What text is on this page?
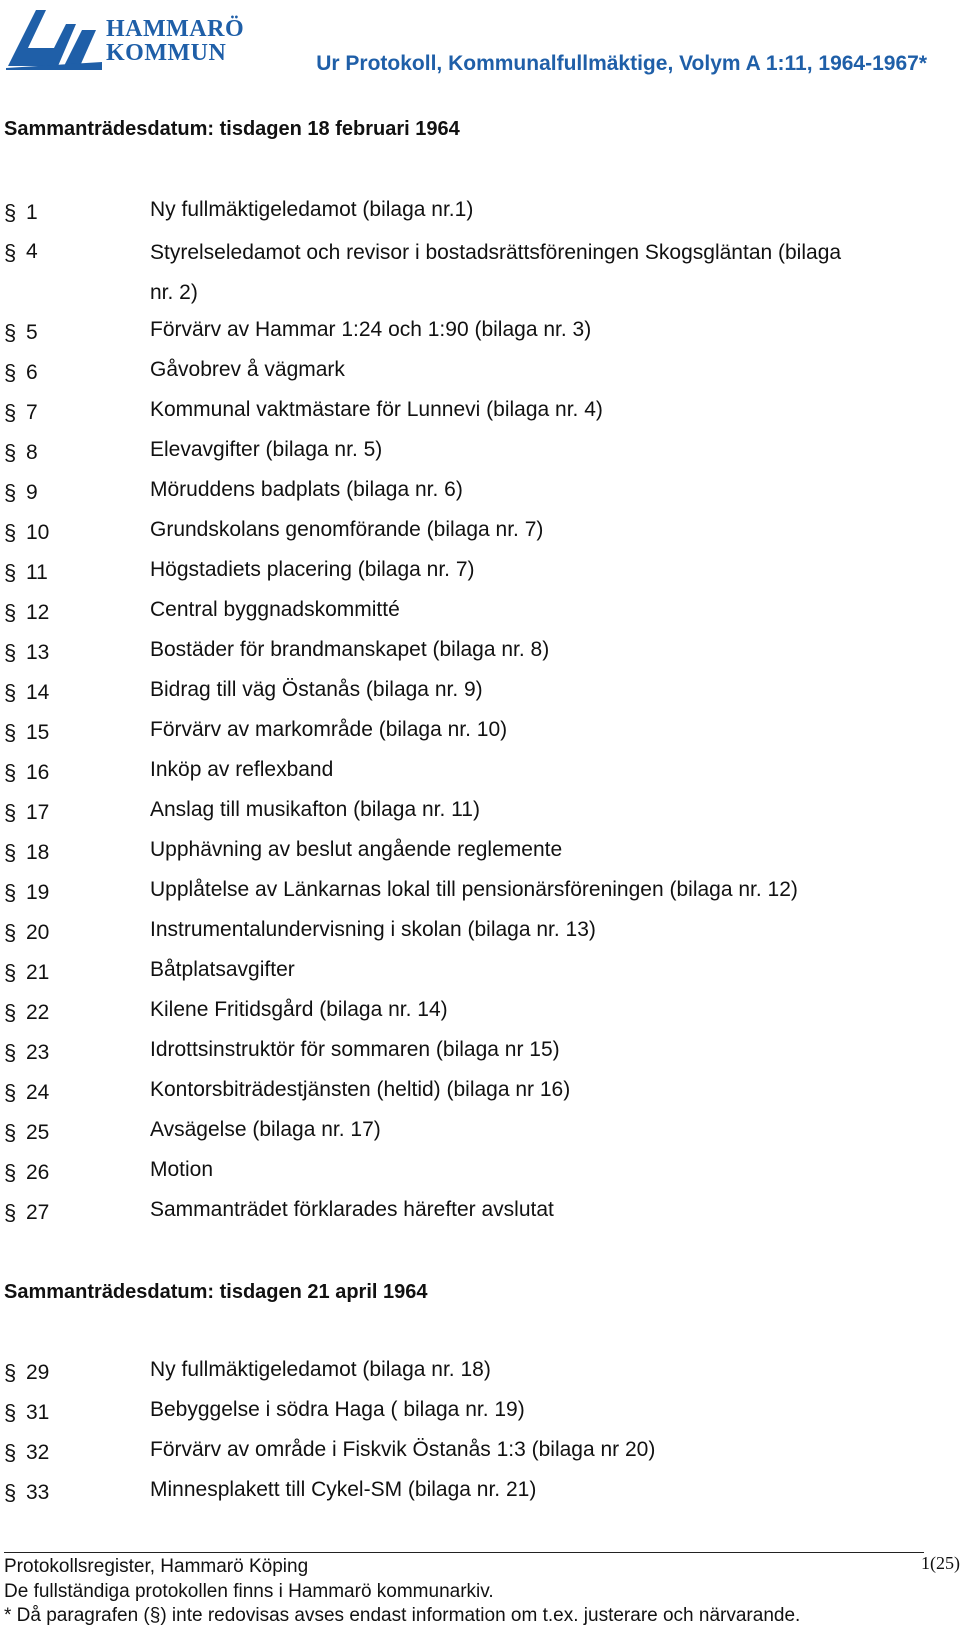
HAMMARÖ
KOMMUN	Ur Protokoll, Kommunalfullmäktige, Volym A 1:11, 1964-1967*
Sammanträdesdatum: tisdagen 18 februari 1964
§ 1	Ny fullmäktigeledamot (bilaga nr.1)
§ 4	Styrelseledamot och revisor i bostadsrättsföreningen Skogsgläntan (bilaga nr. 2)
§ 5	Förvärv av Hammar 1:24 och 1:90 (bilaga nr. 3)
§ 6	Gåvobrev å vägmark
§ 7	Kommunal vaktmästare för Lunnevi (bilaga nr. 4)
§ 8	Elevavgifter (bilaga nr. 5)
§ 9	Möruddens badplats (bilaga nr. 6)
§ 10	Grundskolans genomförande (bilaga nr. 7)
§ 11	Högstadiets placering (bilaga nr. 7)
§ 12	Central byggnadskommitté
§ 13	Bostäder för brandmanskapet (bilaga nr. 8)
§ 14	Bidrag till väg Östanås (bilaga nr. 9)
§ 15	Förvärv av markområde (bilaga nr. 10)
§ 16	Inköp av reflexband
§ 17	Anslag till musikafton (bilaga nr. 11)
§ 18	Upphävning av beslut angående reglemente
§ 19	Upplåtelse av Länkarnas lokal till pensionärsföreningen (bilaga nr. 12)
§ 20	Instrumentalundervisning i skolan (bilaga nr. 13)
§ 21	Båtplatsavgifter
§ 22	Kilene Fritidsgård (bilaga nr. 14)
§ 23	Idrottsinstruktör för sommaren (bilaga nr 15)
§ 24	Kontorsbiträdestjänsten (heltid) (bilaga nr 16)
§ 25	Avsägelse (bilaga nr. 17)
§ 26	Motion
§ 27	Sammanträdet förklarades härefter avslutat
Sammanträdesdatum: tisdagen 21 april 1964
§ 29	Ny fullmäktigeledamot (bilaga nr. 18)
§ 31	Bebyggelse i södra Haga ( bilaga nr. 19)
§ 32	Förvärv av område i Fiskvik Östanås 1:3 (bilaga nr 20)
§ 33	Minnesplakett till Cykel-SM (bilaga nr. 21)
Protokollsregister, Hammarö Köping
De fullständiga protokollen finns i Hammarö kommunarkiv.
* Då paragrafen (§) inte redovisas avses endast information om t.ex. justerare och närvarande.
1(25)
